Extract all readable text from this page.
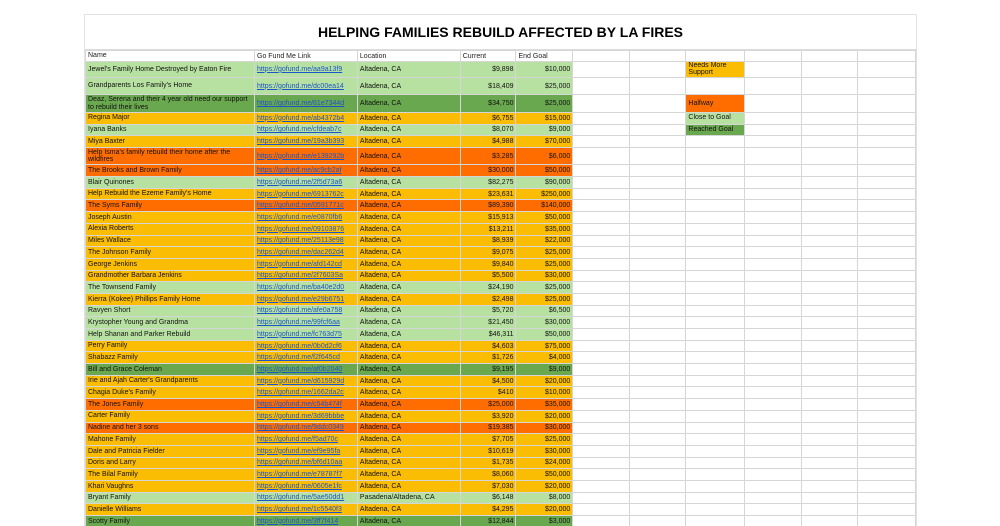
HELPING FAMILIES REBUILD AFFECTED BY LA FIRES
Name	Go Fund Me Link	Location	Current	End Goal						
Jewel's Family Home Destroyed by Eaton Fire	https://gofund.me/aa9a13f9	Altadena, CA	$9,898	$10,000			Needs More Support			
Grandparents Los Family's Home	https://gofund.me/dc00ea14	Altadena, CA	$18,409	$25,000						
Deaz, Serena and their 4 year old need our support to rebuild their lives	https://gofund.me/81e7344d	Altadena, CA	$34,750	$25,000			Halfway			
Regina Major	https://gofund.me/ab4372b4	Altadena, CA	$6,755	$15,000			Close to Goal			
Iyana Banks	https://gofund.me/cfdeab7c	Altadena, CA	$8,070	$9,000			Reached Goal			
Miya Baxter	https://gofund.me/19a3b393	Altadena, CA	$4,988	$70,000						
Help Isma's family rebuild their home after the wildfires	https://gofund.me/e139292b	Altadena, CA	$3,285	$6,000						
The Brooks and Brown Family	https://gofund.me/ac9cb2af	Altadena, CA	$30,000	$50,000						
Blair Quinones	https://gofund.me/2f5d73a6	Altadena, CA	$82,275	$90,000						
Help Rebuild the Ezeme Family's Home	https://gofund.me/6913762c	Altadena, CA	$23,631	$250,000						
The Syms Family	https://gofund.me/0591771c	Altadena, CA	$89,390	$140,000						
Joseph Austin	https://gofund.me/e0870fb6	Altadena, CA	$15,913	$50,000						
Alexia Roberts	https://gofund.me/09103876	Altadena, CA	$13,211	$35,000						
Miles Wallace	https://gofund.me/25113e98	Altadena, CA	$8,939	$22,000						
The Johnson Family	https://gofund.me/dac262d4	Altadena, CA	$9,075	$25,000						
George Jenkins	https://gofund.me/afd142cd	Altadena, CA	$9,840	$25,000						
Grandmother Barbara Jenkins	https://gofund.me/2f7603Sa	Altadena, CA	$5,500	$30,000						
The Townsend Family	https://gofund.me/ba40e2d0	Altadena, CA	$24,190	$25,000						
Kierra (Kokee) Phillips Family Home	https://gofund.me/e29b6751	Altadena, CA	$2,498	$25,000						
Ravyen Short	https://gofund.me/afe0a758	Altadena, CA	$5,720	$6,500						
Krystopher Young and Grandma	https://gofund.me/99fcf6aa	Altadena, CA	$21,450	$30,000						
Help Shanan and Parker Rebuild	https://gofund.me/fc763d75	Altadena, CA	$46,311	$50,000						
Perry Family	https://gofund.me/0b0d2cf6	Altadena, CA	$4,603	$75,000						
Shabazz Family	https://gofund.me/f2f645cd	Altadena, CA	$1,726	$4,000						
Bill and Grace Coleman	https://gofund.me/af0b2040	Altadena, CA	$9,195	$9,000						
Irie and Ajah Carter's Grandparents	https://gofund.me/d615929d	Altadena, CA	$4,500	$20,000						
Chagia Duke's Family	https://gofund.me/1662da2c	Altadena, CA	$410	$10,000						
The Jones Family	https://gofund.me/c54b474f	Altadena, CA	$25,000	$35,000						
Carter Family	https://gofund.me/3d69bbbe	Altadena, CA	$3,920	$20,000						
Nadine and her 3 sons	https://gofund.me/9ddc0349	Altadena, CA	$19,385	$30,000						
Mahone Family	https://gofund.me/f5ad70c	Altadena, CA	$7,705	$25,000						
Dale and Patricia Fielder	https://gofund.me/ef9e95fa	Altadena, CA	$10,619	$30,000						
Doris and Larry	https://gofund.me/bf6d10aa	Altadena, CA	$1,735	$24,000						
The Bilal Family	https://gofund.me/e78787f7	Altadena, CA	$8,060	$50,000						
Khari Vaughns	https://gofund.me/0605e1fc	Altadena, CA	$7,030	$20,000						
Bryant Family	https://gofund.me/5ae50dd1	Pasadena/Altadena, CA	$6,148	$8,000						
Danielle Williams	https://gofund.me/1c5540f3	Altadena, CA	$4,295	$20,000						
Scotty Family	https://gofund.me/3ff7f414	Altadena, CA	$12,844	$3,000						
